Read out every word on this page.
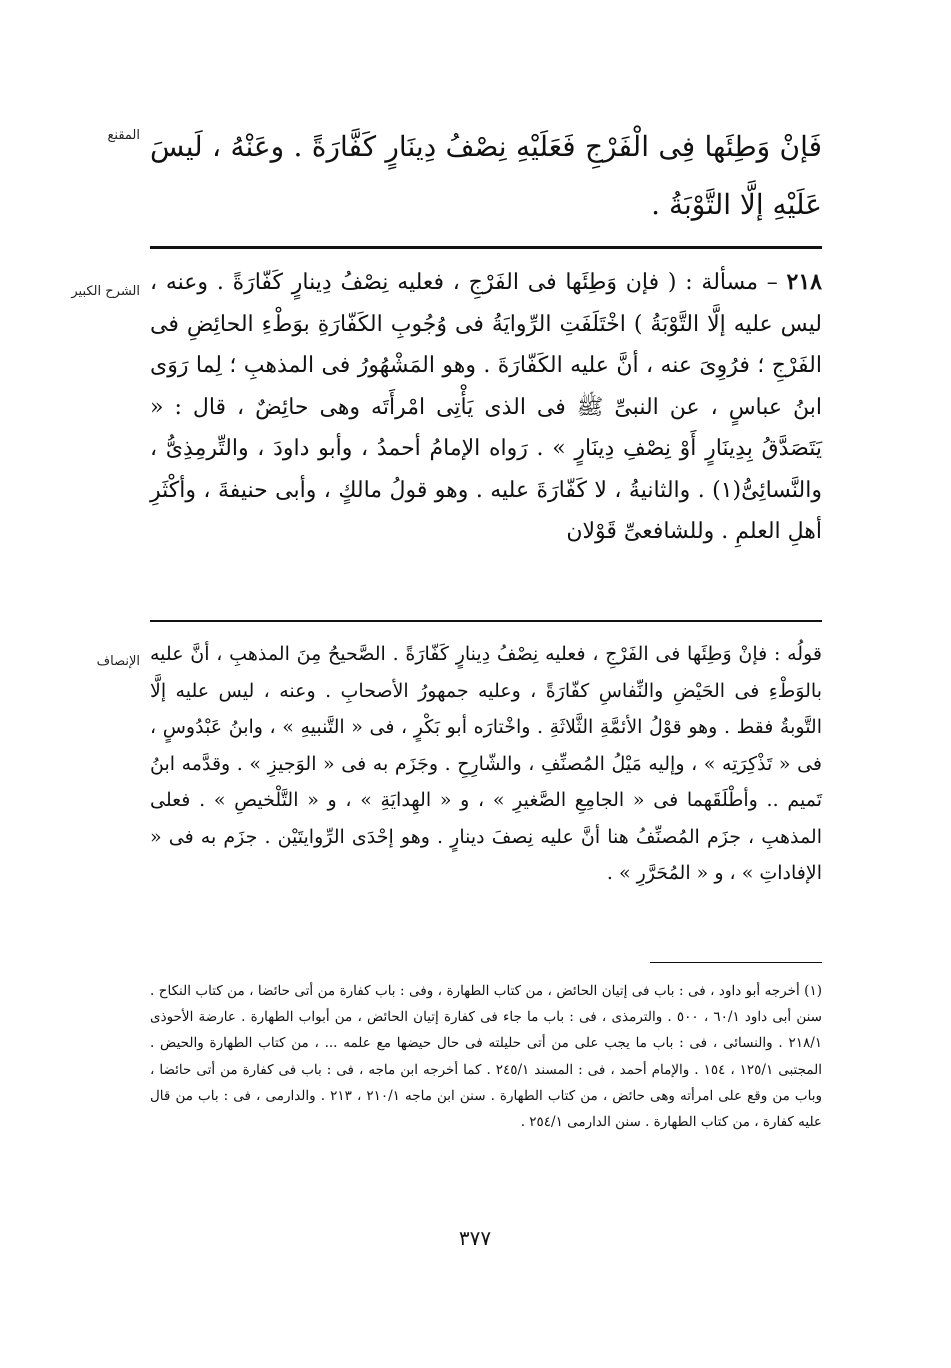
المقنع فَإنْ وَطِئَها فِى الْفَرْجِ فَعَلَيْهِ نِصْفُ دِينَارٍ كَفَّارَةً . وعَنْهُ ، لَيسَ عَلَيْهِ إلَّا التَّوْبَةُ .

الشرح الكبير	٢١٨ – مسألة : ( فإن وَطِئَها فى الفَرْجِ ، فعليه نِصْفُ دِينارٍ كَفّارَةً . وعنه ، ليس عليه إلَّا التَّوْبَةُ ) اخْتَلَفَتِ الرِّوايَةُ فى وُجُوبِ الكَفّارَةِ بوَطْءِ الحائِضِ فى الفَرْجِ ؛ فرُوِىَ عنه ، أنَّ عليه الكَفّارَةَ . وهو المَشْهُورُ فى المذهبِ ؛ لِما رَوَى ابنُ عباسٍ ، عن النبىِّ ﷺ فى الذى يَأْتِى امْرأَتَه وهى حائِضٌ ، قال : « يَتَصَدَّقُ بِدِينَارٍ أَوْ نِصْفِ دِينَارٍ » . رَواه الإمامُ أحمدُ ، وأبو داودَ ، والتِّرمِذِىُّ ، والنَّسائِىُّ(١) . والثانيةُ ، لا كَفّارَةَ عليه . وهو قولُ مالكٍ ، وأبى حنيفةَ ، وأكْثَرِ أهلِ العلمِ . وللشافعىِّ قَوْلان

الإنصاف قولُه : فإنْ وَطِئَها فى الفَرْجِ ، فعليه نِصْفُ دِينارٍ كَفّارَةً . الصَّحيحُ مِنَ المذهبِ ، أنَّ عليه بالوَطْءِ فى الحَيْضِ والنِّفاسِ كفّارَةً ، وعليه جمهورُ الأصحابِ . وعنه ، ليس عليه إلَّا التَّوبةُ فقط . وهو قوْلُ الأئمَّةِ الثَّلاثَةِ . واخْتارَه أبو بَكْرٍ ، فى « التَّنبيهِ » ، وابنُ عَبْدُوسٍ ، فى « تَذْكِرَتِه » ، وإليه مَيْلُ المُصنِّفِ ، والشّارِحِ . وجَزَم به فى « الوَجيزِ » . وقدَّمه ابنُ تَميم .. وأطْلَقَهما فى « الجامِعِ الصَّغيرِ » ، و « الهِدايَةِ » ، و « التَّلْخيصِ » . فعلى المذهبِ ، جزَم المُصنِّفُ هنا أنَّ عليه نِصفَ دينارٍ . وهو إحْدَى الرِّوايتَيْن . جزَم به فى « الإفاداتِ » ، و « المُحَرَّرِ » .

(١) أخرجه أبو داود ، فى : باب فى إتيان الحائض ، من كتاب الطهارة ، وفى : باب كفارة من أتى حائضا ، من كتاب النكاح . سنن أبى داود ٦٠/١ ، ٥٠٠ . والترمذى ، فى : باب ما جاء فى كفارة إتيان الحائض ، من أبواب الطهارة . عارضة الأحوذى ٢١٨/١ . والنسائى ، فى : باب ما يجب على من أتى حليلته فى حال حيضها مع علمه ... ، من كتاب الطهارة والحيض . المجتبى ١٢٥/١ ، ١٥٤ . والإمام أحمد ، فى : المسند ٢٤٥/١ . كما أخرجه ابن ماجه ، فى : باب فى كفارة من أتى حائضا ، وباب من وقع على امرأته وهى حائض ، من كتاب الطهارة . سنن ابن ماجه ٢١٠/١ ، ٢١٣ . والدارمى ، فى : باب من قال عليه كفارة ، من كتاب الطهارة . سنن الدارمى ٢٥٤/١ .

٣٧٧
